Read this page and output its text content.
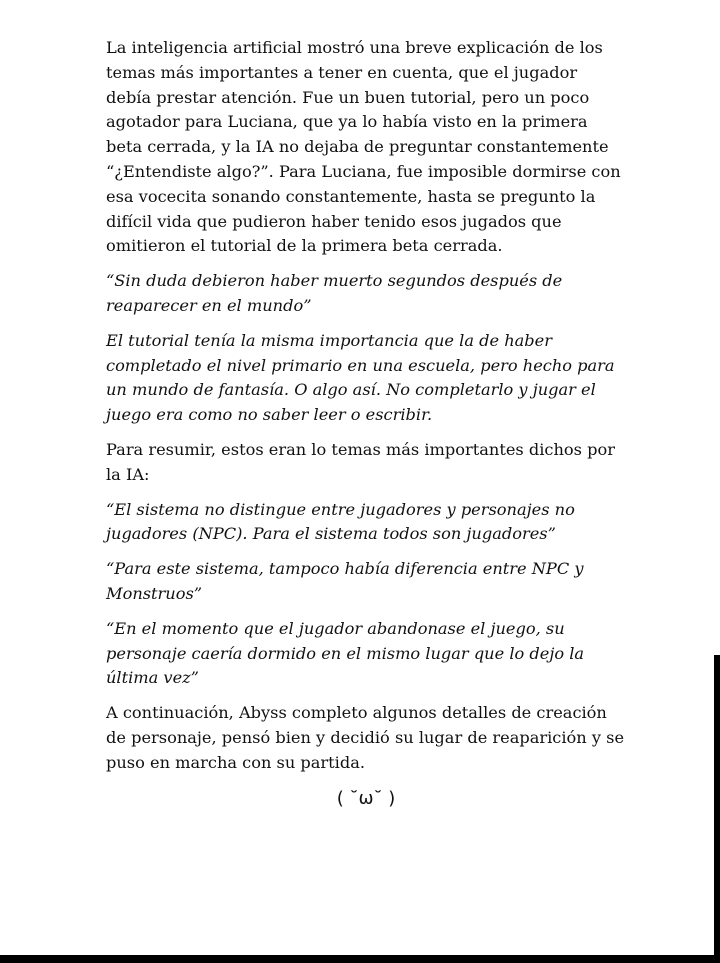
La inteligencia artificial mostró una breve explicación de los temas más importantes a tener en cuenta, que el jugador debía prestar atención. Fue un buen tutorial, pero un poco agotador para Luciana, que ya lo había visto en la primera beta cerrada, y la IA no dejaba de preguntar constantemente “¿Entendiste algo?”. Para Luciana, fue imposible dormirse con esa vocecita sonando constantemente, hasta se pregunto la difícil vida que pudieron haber tenido esos jugados que omitieron el tutorial de la primera beta cerrada.

“Sin duda debieron haber muerto segundos después de reaparecer en el mundo”

El tutorial tenía la misma importancia que la de haber completado el nivel primario en una escuela, pero hecho para un mundo de fantasía. O algo así. No completarlo y jugar el juego era como no saber leer o escribir.

Para resumir, estos eran lo temas más importantes dichos por la IA:

“El sistema no distingue entre jugadores y personajes no jugadores (NPC). Para el sistema todos son jugadores”

“Para este sistema, tampoco había diferencia entre NPC y Monstruos”

“En el momento que el jugador abandonase el juego, su personaje caería dormido en el mismo lugar que lo dejo la última vez”

A continuación, Abyss completo algunos detalles de creación de personaje, pensó bien y decidió su lugar de reaparición y se puso en marcha con su partida.

( ˘ω˘ )
